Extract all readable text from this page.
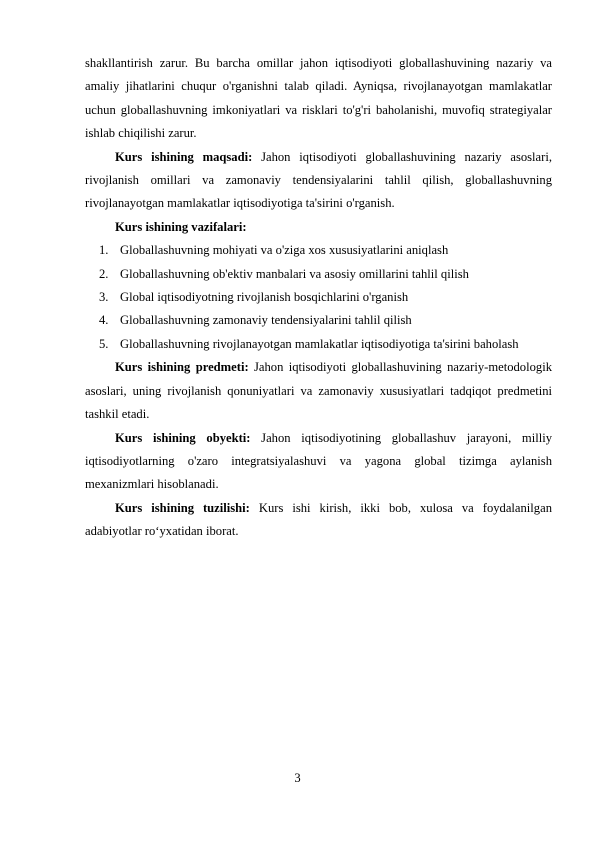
shakllantirish zarur. Bu barcha omillar jahon iqtisodiyoti globallashuvining nazariy va amaliy jihatlarini chuqur o'rganishni talab qiladi. Ayniqsa, rivojlanayotgan mamlakatlar uchun globallashuvning imkoniyatlari va risklari to'g'ri baholanishi, muvofiq strategiyalar ishlab chiqilishi zarur.

Kurs ishining maqsadi: Jahon iqtisodiyoti globallashuvining nazariy asoslari, rivojlanish omillari va zamonaviy tendensiyalarini tahlil qilish, globallashuvning rivojlanayotgan mamlakatlar iqtisodiyotiga ta'sirini o'rganish.

Kurs ishining vazifalari:

1. Globallashuvning mohiyati va o'ziga xos xususiyatlarini aniqlash
2. Globallashuvning ob'ektiv manbalari va asosiy omillarini tahlil qilish
3. Global iqtisodiyotning rivojlanish bosqichlarini o'rganish
4. Globallashuvning zamonaviy tendensiyalarini tahlil qilish
5. Globallashuvning rivojlanayotgan mamlakatlar iqtisodiyotiga ta'sirini baholash

Kurs ishining predmeti: Jahon iqtisodiyoti globallashuvining nazariy-metodologik asoslari, uning rivojlanish qonuniyatlari va zamonaviy xususiyatlari tadqiqot predmetini tashkil etadi.

Kurs ishining obyekti: Jahon iqtisodiyotining globallashuv jarayoni, milliy iqtisodiyotlarning o'zaro integratsiyalashuvi va yagona global tizimga aylanish mexanizmlari hisoblanadi.

Kurs ishining tuzilishi: Kurs ishi kirish, ikki bob, xulosa va foydalanilgan adabiyotlar ro‘yxatidan iborat.

3
